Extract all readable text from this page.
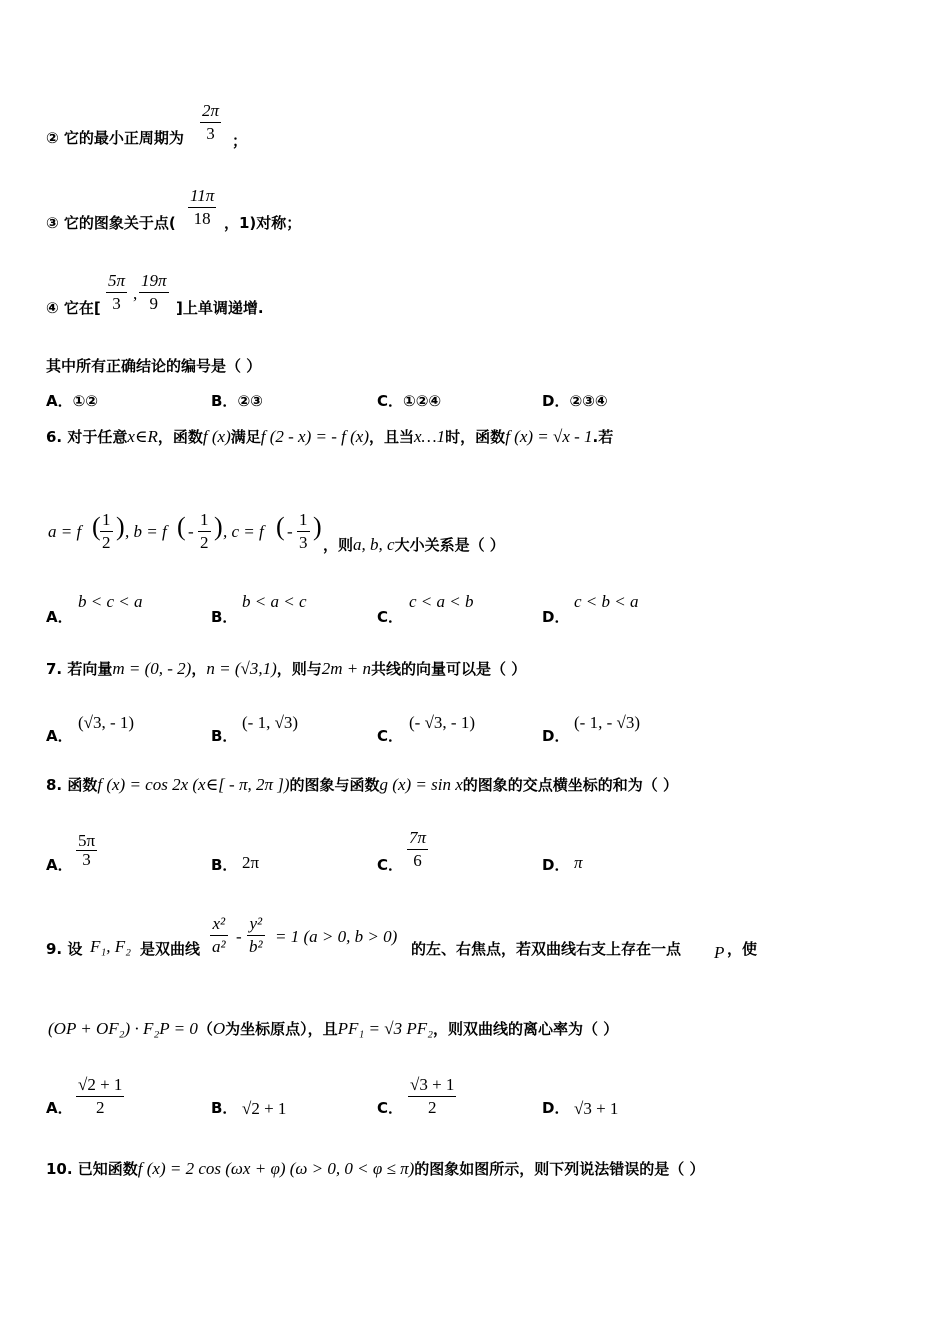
② 它的最小正周期为
2π
3 ；
③ 它的图象关于点(
11π
18 ，1)对称；
④ 它在[
5π
3
,
19π
9 ]上单调递增.
其中所有正确结论的编号是（ ）
A．①②	B．②③	C．①②④	D．②③④
6. 对于任意x∈R，函数f (x)满足f (2 - x) = - f (x)，且当x…1时，函数f (x) = √x - 1.若
a = f ( 1
2
) , b = f ( -
1
2
) , c = f ( -
1
3
)
，则a, b, c大小关系是（ ）
A．
b < c < a
B．
b < a < c
C．
c < a < b
D．
c < b < a
7. 若向量m = (0, - 2)，n = (√3,1)，则与2m + n共线的向量可以是（ ）
A．
(√3, - 1)
B．
(- 1, √3)
C．
(- √3, - 1)
D．
(- 1, - √3)
8. 函数f (x) = cos 2x (x∈[ - π, 2π ])的图象与函数g (x) = sin x的图象的交点横坐标的和为（ ）
A．
5π
3	B． 2π	C．
7π
6	D． π
9. 设 F₁, F₂ 是双曲线
x²
a²
-
y²
b²
= 1 (a > 0, b > 0)
的左、右焦点，若双曲线右支上存在一点 P ，使
(OP + OF₂) · F₂P = 0（O为坐标原点），且PF₁ = √3 PF₂，则双曲线的离心率为（ ）
A．
√2 + 1
2	B． √2 + 1	C．
√3 + 1
2	D． √3 + 1
10. 已知函数f (x) = 2 cos (ωx + φ) (ω > 0, 0 < φ ≤ π)的图象如图所示，则下列说法错误的是（ ）
